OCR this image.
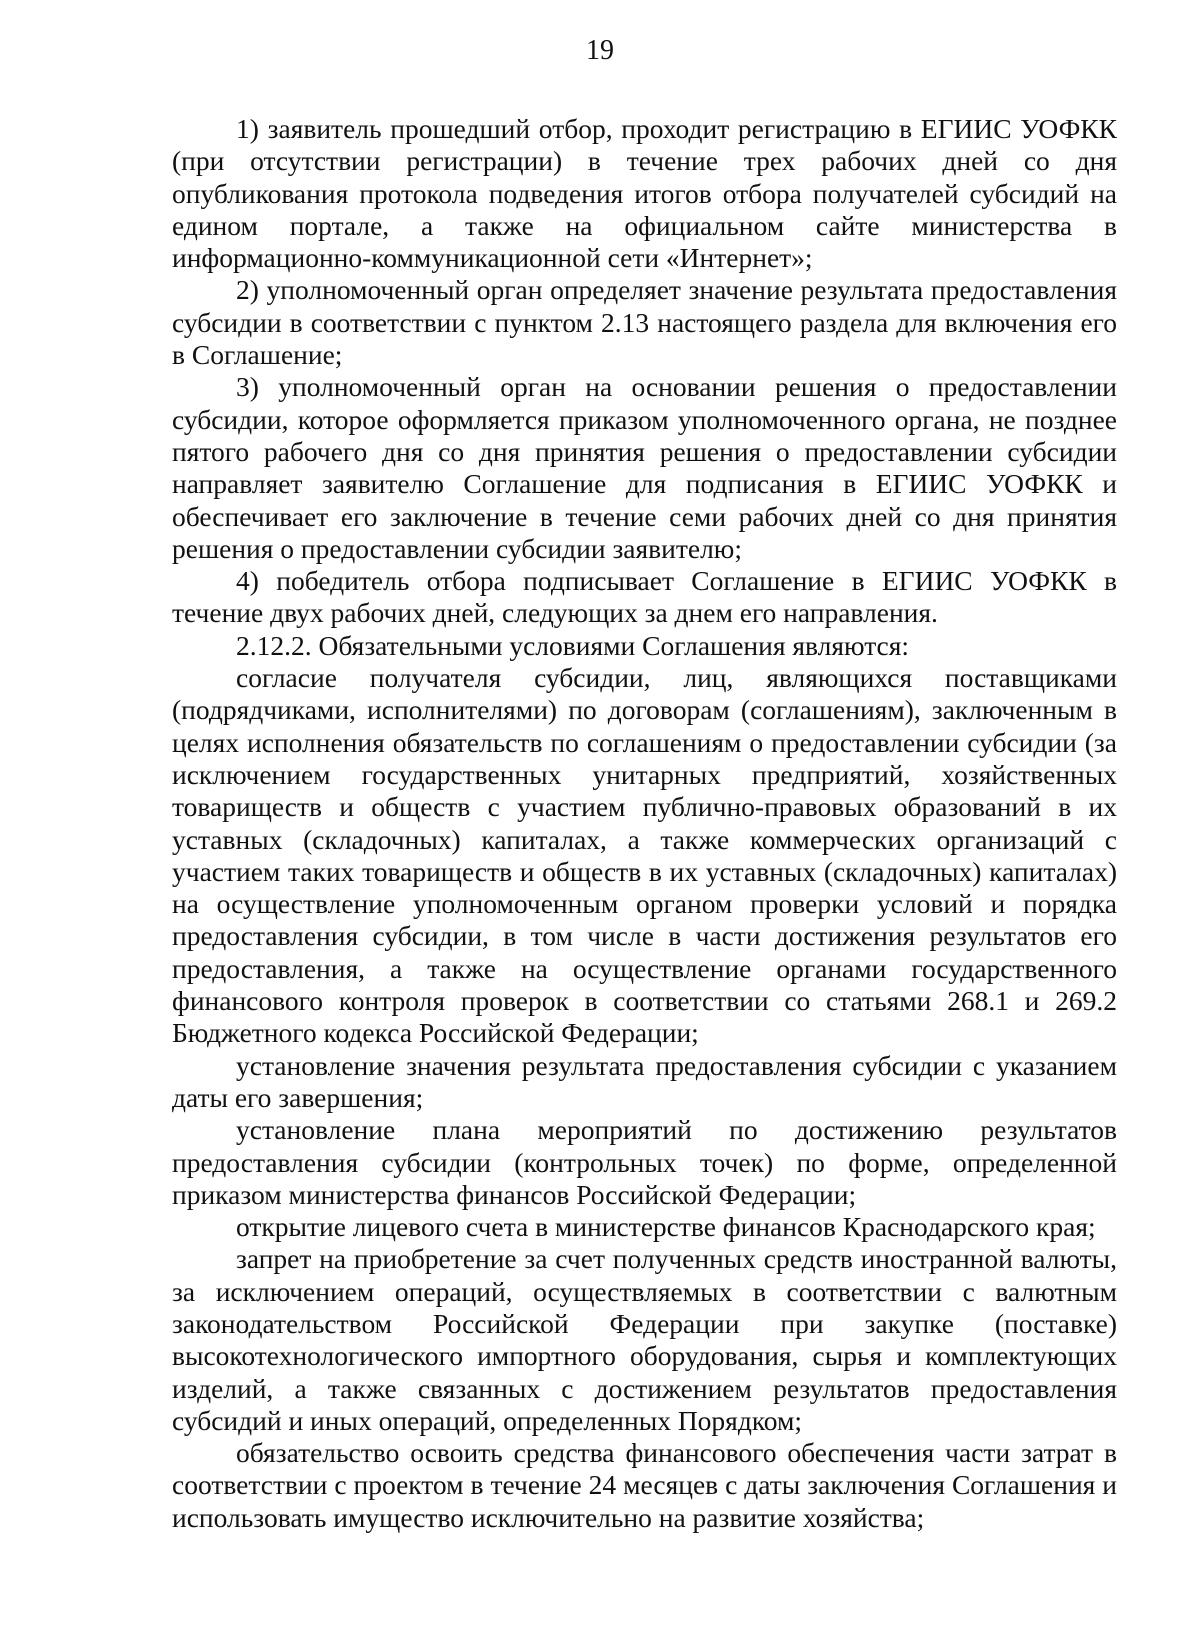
19

1) заявитель прошедший отбор, проходит регистрацию в ЕГИИС УОФКК (при отсутствии регистрации) в течение трех рабочих дней со дня опубликования протокола подведения итогов отбора получателей субсидий на едином портале, а также на официальном сайте министерства в информационно-коммуникационной сети «Интернет»;

2) уполномоченный орган определяет значение результата предоставления субсидии в соответствии с пунктом 2.13 настоящего раздела для включения его в Соглашение;

3) уполномоченный орган на основании решения о предоставлении субсидии, которое оформляется приказом уполномоченного органа, не позднее пятого рабочего дня со дня принятия решения о предоставлении субсидии направляет заявителю Соглашение для подписания в ЕГИИС УОФКК и обеспечивает его заключение в течение семи рабочих дней со дня принятия решения о предоставлении субсидии заявителю;

4) победитель отбора подписывает Соглашение в ЕГИИС УОФКК в течение двух рабочих дней, следующих за днем его направления.

2.12.2. Обязательными условиями Соглашения являются:

согласие получателя субсидии, лиц, являющихся поставщиками (подрядчиками, исполнителями) по договорам (соглашениям), заключенным в целях исполнения обязательств по соглашениям о предоставлении субсидии (за исключением государственных унитарных предприятий, хозяйственных товариществ и обществ с участием публично-правовых образований в их уставных (складочных) капиталах, а также коммерческих организаций с участием таких товариществ и обществ в их уставных (складочных) капиталах) на осуществление уполномоченным органом проверки условий и порядка предоставления субсидии, в том числе в части достижения результатов его предоставления, а также на осуществление органами государственного финансового контроля проверок в соответствии со статьями 268.1 и 269.2 Бюджетного кодекса Российской Федерации;

установление значения результата предоставления субсидии с указанием даты его завершения;

установление плана мероприятий по достижению результатов предоставления субсидии (контрольных точек) по форме, определенной приказом министерства финансов Российской Федерации;

открытие лицевого счета в министерстве финансов Краснодарского края;

запрет на приобретение за счет полученных средств иностранной валюты, за исключением операций, осуществляемых в соответствии с валютным законодательством Российской Федерации при закупке (поставке) высокотехнологического импортного оборудования, сырья и комплектующих изделий, а также связанных с достижением результатов предоставления субсидий и иных операций, определенных Порядком;

обязательство освоить средства финансового обеспечения части затрат в соответствии с проектом в течение 24 месяцев с даты заключения Соглашения и использовать имущество исключительно на развитие хозяйства;
